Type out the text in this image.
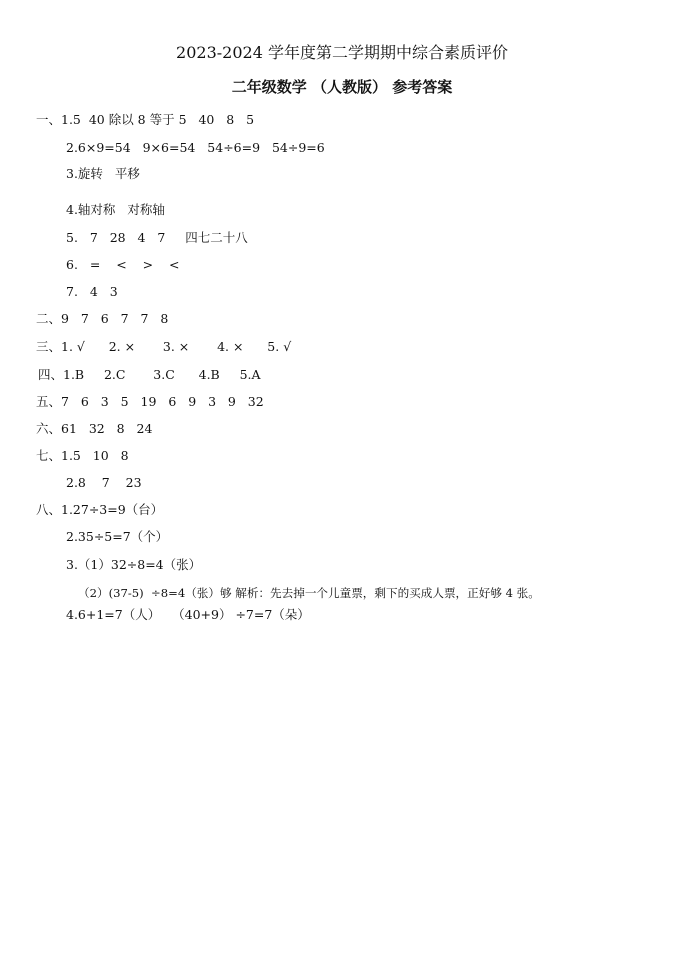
2023-2024 学年度第二学期期中综合素质评价
二年级数学 （人教版） 参考答案
一、1.5  40 除以 8 等于 5   40   8   5
2.6×9=54   9×6=54   54÷6=9   54÷9=6
3.旋转   平移
4.轴对称   对称轴
5.   7   28   4   7     四七二十八
6.   =    <    >    <
7.   4   3
二、9   7   6   7   7   8
三、1. √      2. ×       3. ×       4. ×      5. √
四、1.B     2.C       3.C      4.B     5.A
五、7   6   3   5   19   6   9   3   9   32
六、61   32   8   24
七、1.5   10   8
2.8    7    23
八、1.27÷3=9（台）
2.35÷5=7（个）
3.（1）32÷8=4（张）
（2）(37-5)  ÷8=4（张）够 解析：先去掉一个儿童票，剩下的买成人票，正好够 4 张。
4.6+1=7（人）   （40+9） ÷7=7（朵）
